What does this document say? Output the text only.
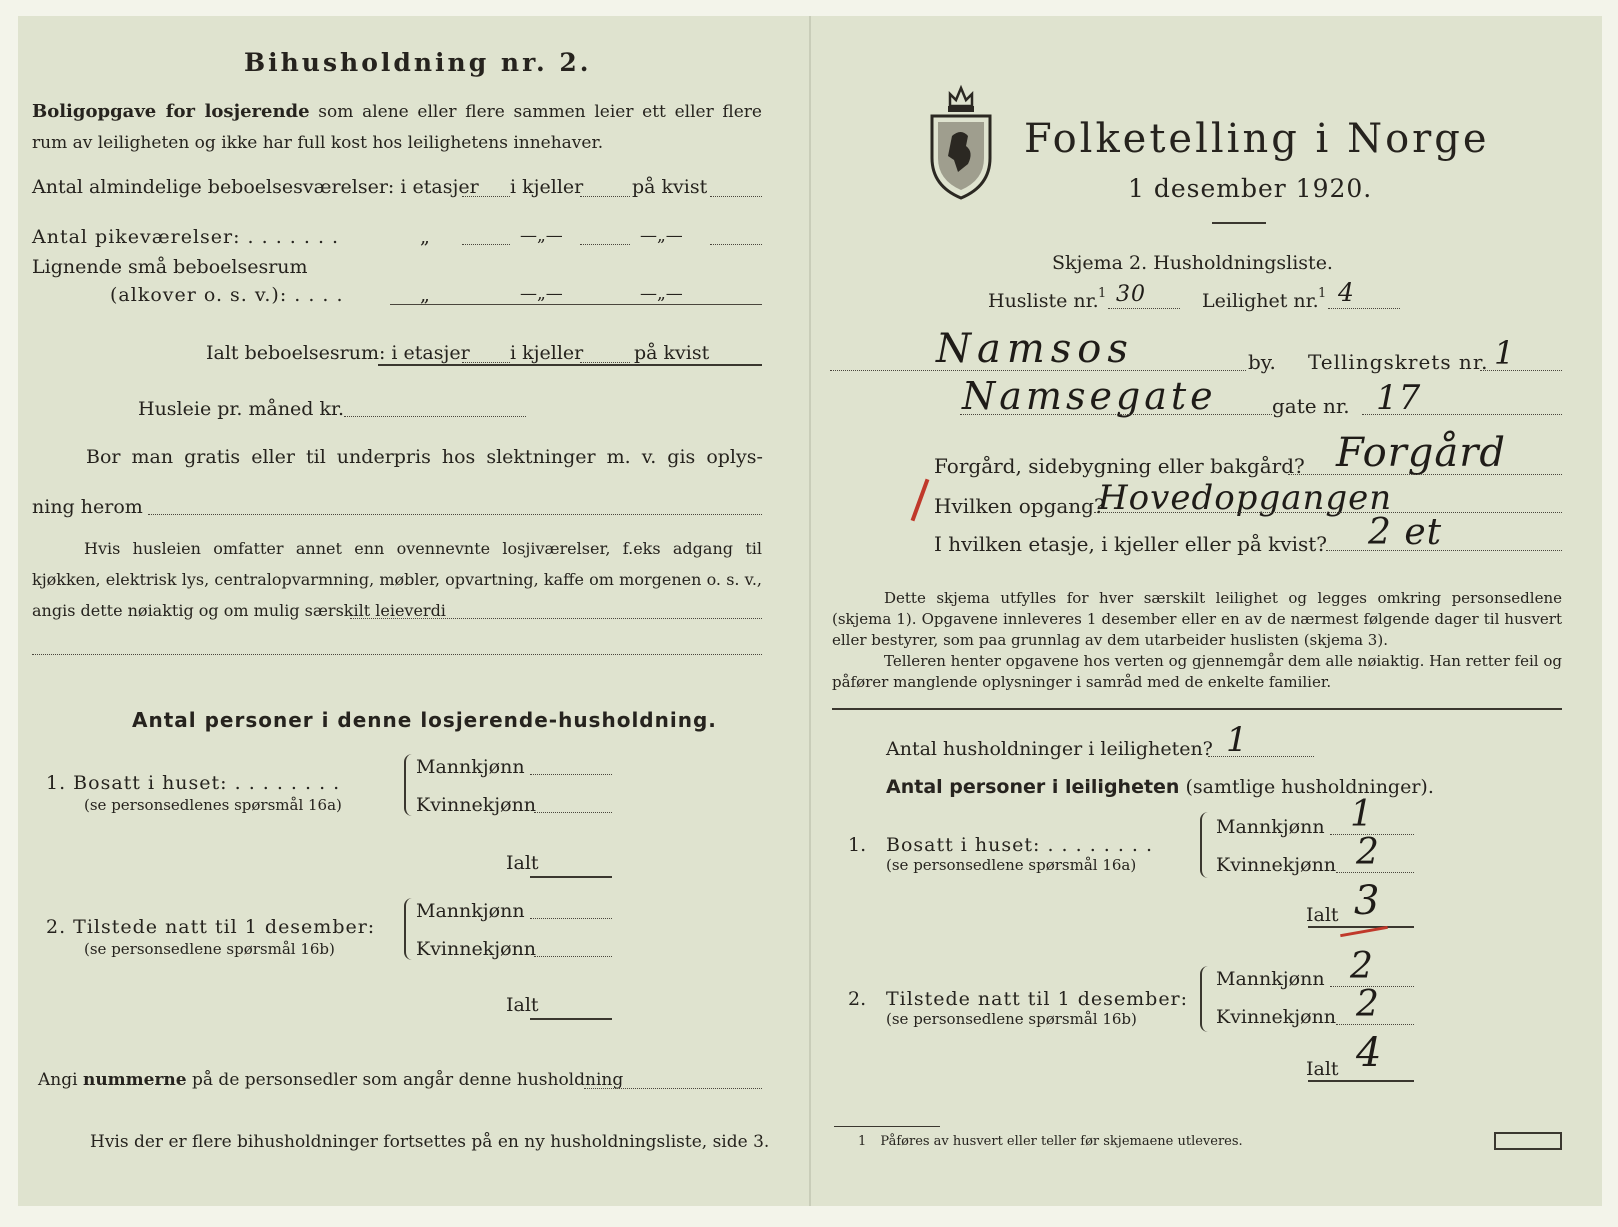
Bihusholdning nr. 2.
Boligopgave for losjerende som alene eller flere sammen leier ett eller flere rum av leiligheten og ikke har full kost hos leilighetens innehaver.
Antal almindelige beboelsesværelser: i etasjer i kjeller	på kvist
Antal pikeværelser: . . . . . . .	„	—„—	—„—
Lignende små beboelsesrum
(alkover o. s. v.): . . . .	„	—„—	—„—
Ialt beboelsesrum: i etasjer i kjeller	på kvist
Husleie pr. måned kr.
Bor man gratis eller til underpris hos slektninger m. v. gis oplys-
ning herom
Hvis husleien omfatter annet enn ovennevnte losjiværelser, f.eks adgang til kjøkken, elektrisk lys, centralopvarmning, møbler, opvartning, kaffe om morgenen o. s. v., angis dette nøiaktig og om mulig særskilt leieverdi
Antal personer i denne losjerende-husholdning.
1. Bosatt i huset: . . . . . . . .
(se personsedlenes spørsmål 16a)
Mannkjønn
Kvinnekjønn
Ialt
2. Tilstede natt til 1 desember:
(se personsedlene spørsmål 16b)
Mannkjønn
Kvinnekjønn
Ialt
Angi nummerne på de personsedler som angår denne husholdning
Hvis der er flere bihusholdninger fortsettes på en ny husholdningsliste, side 3.
Folketelling i Norge
1 desember 1920.
Skjema 2. Husholdningsliste.
Husliste nr. 1 30	Leilighet nr. 1 4
Namsos	by. Tellingskrets nr. 1
Namsegate	gate nr. 17
Forgård, sidebygning eller bakgård? Forgård
Hvilken opgang?
Hovedopgangen
I hvilken etasje, i kjeller eller på kvist? 2 et
Dette skjema utfylles for hver særskilt leilighet og legges omkring personsedlene (skjema 1). Opgavene innleveres 1 desember eller en av de nærmest følgende dager til husvert eller bestyrer, som paa grunnlag av dem utarbeider huslisten (skjema 3).
Telleren henter opgavene hos verten og gjennemgår dem alle nøiaktig. Han retter feil og påfører manglende oplysninger i samråd med de enkelte familier.
Antal husholdninger i leiligheten? 1
Antal personer i leiligheten (samtlige husholdninger).
1. Bosatt i huset: . . . . . . . .
(se personsedlene spørsmål 16a)
Mannkjønn 1
Kvinnekjønn 2
Ialt 3
2. Tilstede natt til 1 desember:
(se personsedlene spørsmål 16b)
Mannkjønn 2
Kvinnekjønn 2
Ialt 4
1 Påføres av husvert eller teller før skjemaene utleveres.
